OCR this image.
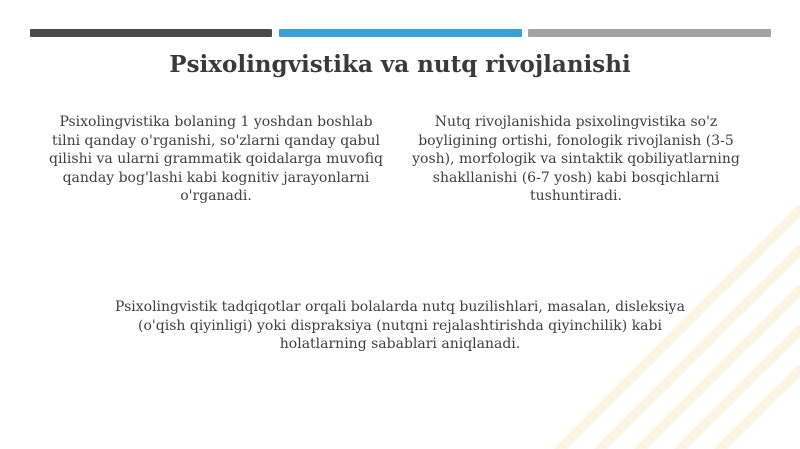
Psixolingvistika va nutq rivojlanishi
Psixolingvistika bolaning 1 yoshdan boshlab tilni qanday o'rganishi, so'zlarni qanday qabul qilishi va ularni grammatik qoidalarga muvofiq qanday bog'lashi kabi kognitiv jarayonlarni o'rganadi.
Nutq rivojlanishida psixolingvistika so'z boyligining ortishi, fonologik rivojlanish (3-5 yosh), morfologik va sintaktik qobiliyatlarning shakllanishi (6-7 yosh) kabi bosqichlarni tushuntiradi.
Psixolingvistik tadqiqotlar orqali bolalarda nutq buzilishlari, masalan, disleksiya (o'qish qiyinligi) yoki dispraksiya (nutqni rejalashtirishda qiyinchilik) kabi holatlarning sabablari aniqlanadi.
